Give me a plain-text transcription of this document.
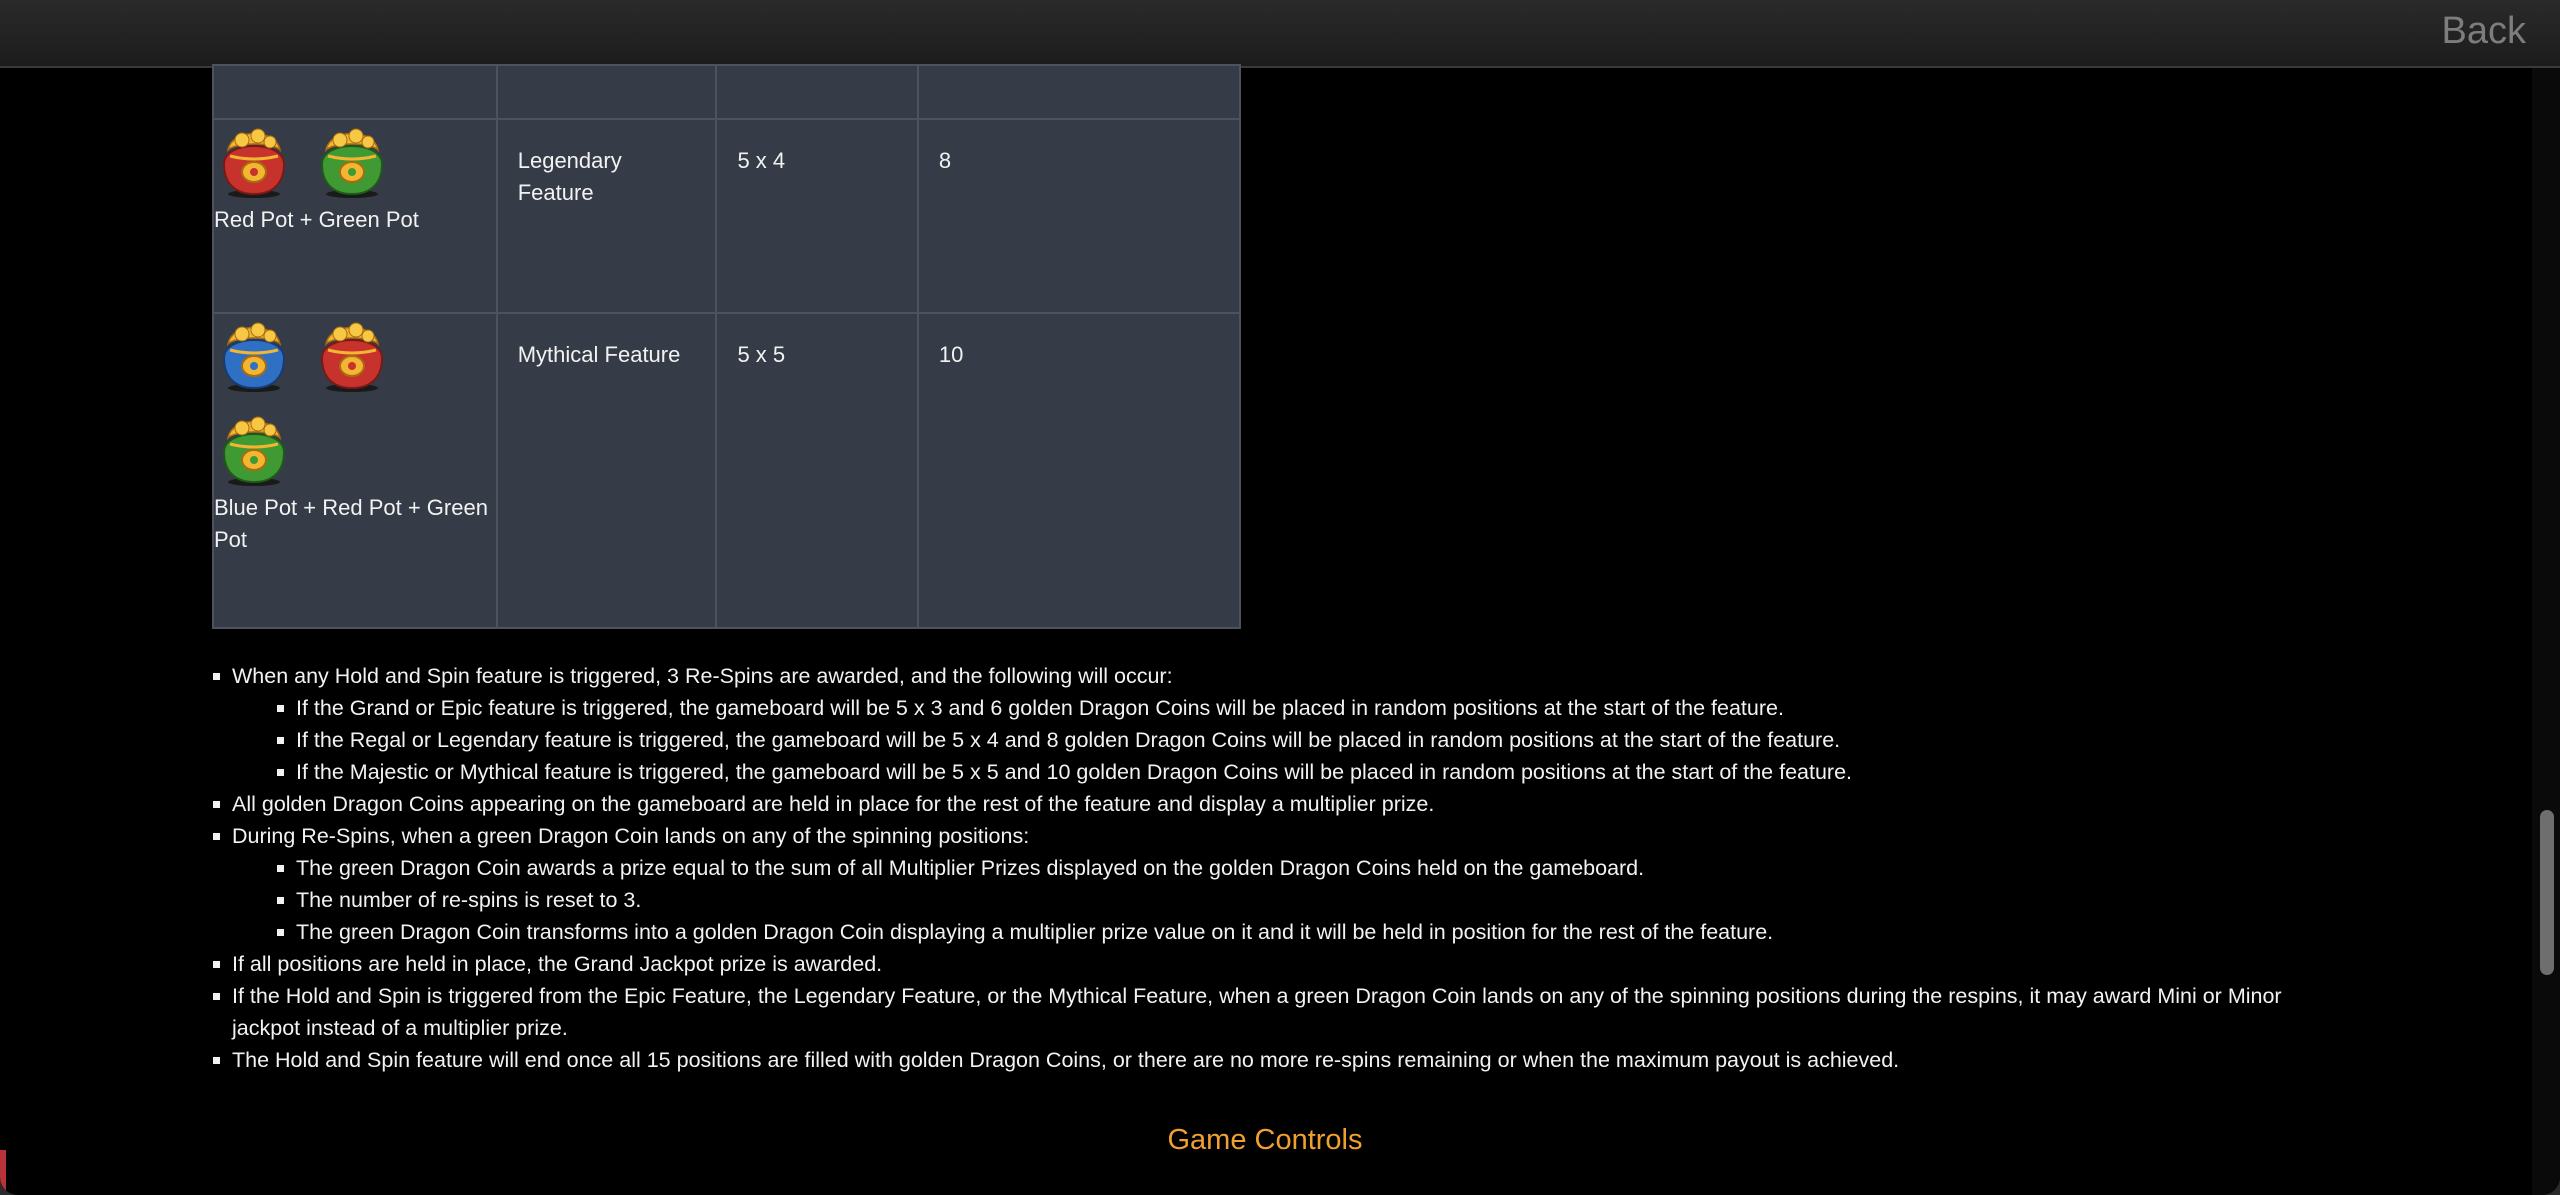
Back

Red Pot + Green Pot	Legendary Feature	5 x 4	8

Blue Pot + Red Pot + Green Pot	Mythical Feature	5 x 5	10
When any Hold and Spin feature is triggered, 3 Re-Spins are awarded, and the following will occur:
If the Grand or Epic feature is triggered, the gameboard will be 5 x 3 and 6 golden Dragon Coins will be placed in random positions at the start of the feature.
If the Regal or Legendary feature is triggered, the gameboard will be 5 x 4 and 8 golden Dragon Coins will be placed in random positions at the start of the feature.
If the Majestic or Mythical feature is triggered, the gameboard will be 5 x 5 and 10 golden Dragon Coins will be placed in random positions at the start of the feature.
All golden Dragon Coins appearing on the gameboard are held in place for the rest of the feature and display a multiplier prize.
During Re-Spins, when a green Dragon Coin lands on any of the spinning positions:
The green Dragon Coin awards a prize equal to the sum of all Multiplier Prizes displayed on the golden Dragon Coins held on the gameboard.
The number of re-spins is reset to 3.
The green Dragon Coin transforms into a golden Dragon Coin displaying a multiplier prize value on it and it will be held in position for the rest of the feature.
If all positions are held in place, the Grand Jackpot prize is awarded.
If the Hold and Spin is triggered from the Epic Feature, the Legendary Feature, or the Mythical Feature, when a green Dragon Coin lands on any of the spinning positions during the respins, it may award Mini or Minor jackpot instead of a multiplier prize.
The Hold and Spin feature will end once all 15 positions are filled with golden Dragon Coins, or there are no more re-spins remaining or when the maximum payout is achieved.
Game Controls
